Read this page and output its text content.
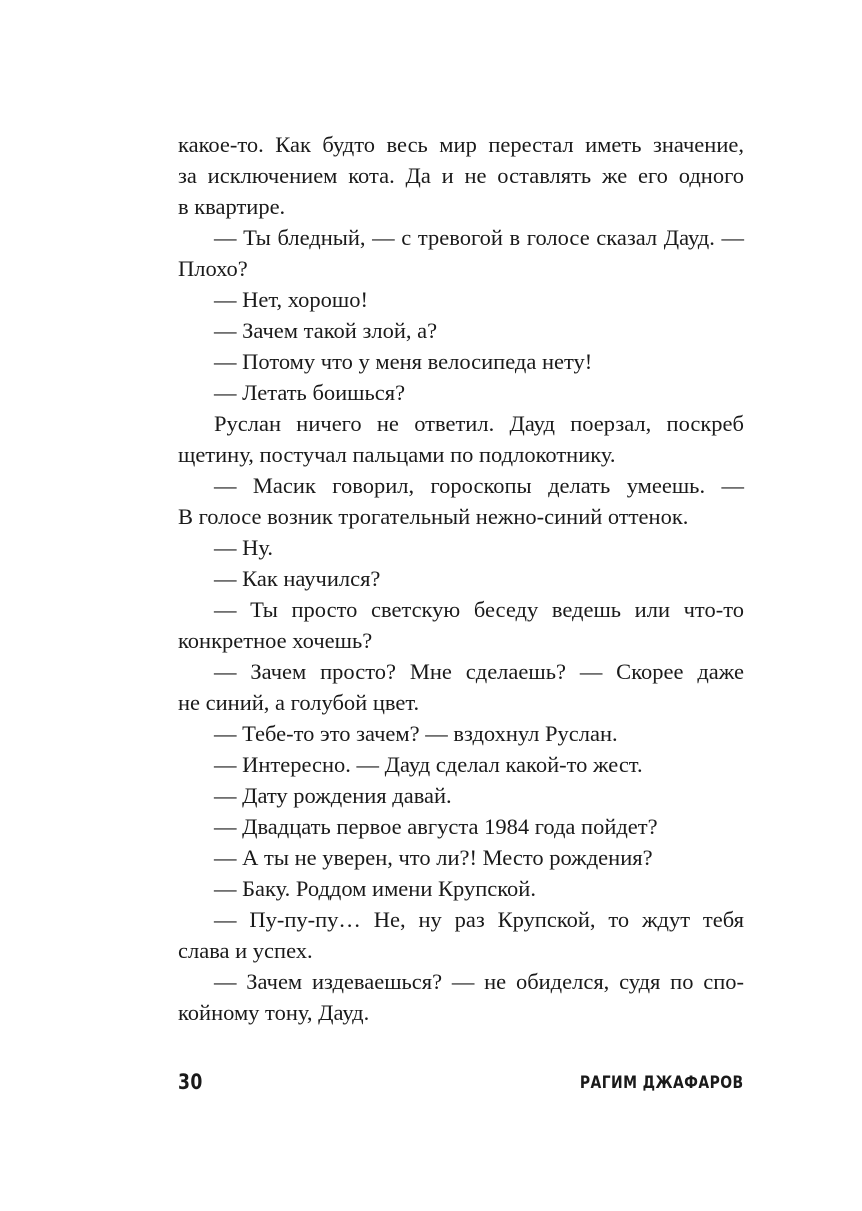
какое-то. Как будто весь мир перестал иметь значение,
за исключением кота. Да и не оставлять же его одного
в квартире.
— Ты бледный, — с тревогой в голосе сказал Дауд. —
Плохо?
— Нет, хорошо!
— Зачем такой злой, а?
— Потому что у меня велосипеда нету!
— Летать боишься?
Руслан ничего не ответил. Дауд поерзал, поскреб
щетину, постучал пальцами по подлокотнику.
— Масик говорил, гороскопы делать умеешь. —
В голосе возник трогательный нежно-синий оттенок.
— Ну.
— Как научился?
— Ты просто светскую беседу ведешь или что-то
конкретное хочешь?
— Зачем просто? Мне сделаешь? — Скорее даже
не синий, а голубой цвет.
— Тебе-то это зачем? — вздохнул Руслан.
— Интересно. — Дауд сделал какой-то жест.
— Дату рождения давай.
— Двадцать первое августа 1984 года пойдет?
— А ты не уверен, что ли?! Место рождения?
— Баку. Роддом имени Крупской.
— Пу-пу-пу… Не, ну раз Крупской, то ждут тебя
слава и успех.
— Зачем издеваешься? — не обиделся, судя по спо-
койному тону, Дауд.
30	РАГИМ ДЖАФАРОВ
